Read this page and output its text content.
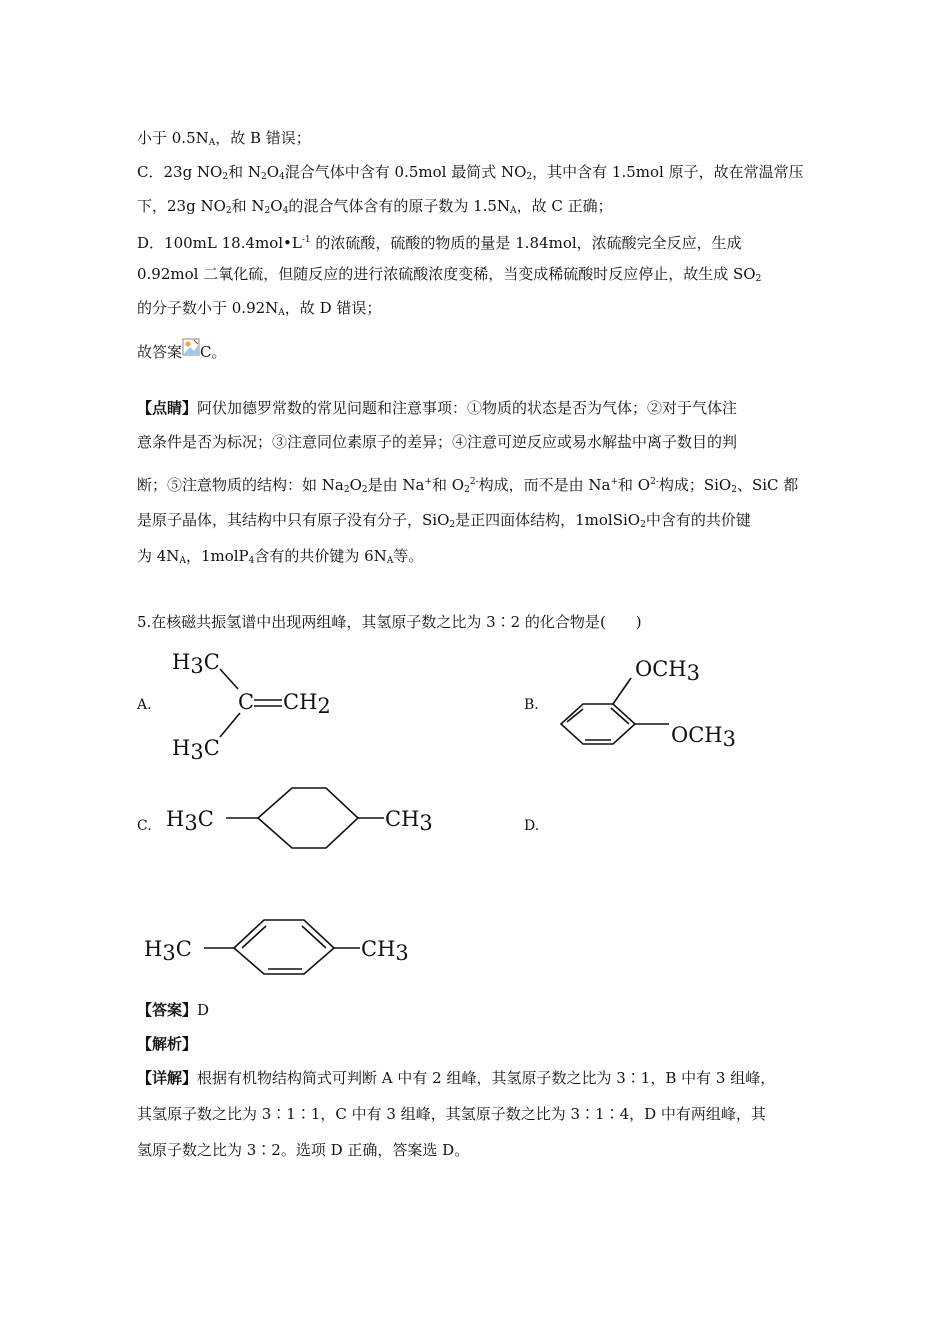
小于 $0.5N_A$，故 B 错误；
C．23g $NO_2$和 $N_2O_4$混合气体中含有 0.5mol 最简式 $NO_2$，其中含有 1.5mol 原子，故在常温常压
下，23g $NO_2$和 $N_2O_4$的混合气体含有的原子数为 $1.5N_A$，故 C 正确；
D．100mL $18.4mol•L^{-1}$ 的浓硫酸，硫酸的物质的量是 1.84mol，浓硫酸完全反应，生成
0.92mol 二氧化硫，但随反应的进行浓硫酸浓度变稀，当变成稀硫酸时反应停止，故生成 $SO_2$
的分子数小于 $0.92N_A$，故 D 错误；
故答案 C。
【点睛】阿伏加德罗常数的常见问题和注意事项：①物质的状态是否为气体；②对于气体注
意条件是否为标况；③注意同位素原子的差异；④注意可逆反应或易水解盐中离子数目的判
断；⑤注意物质的结构：如 $Na_2O_2$是由 Na+和 $O_2^{2-}$构成，而不是由 Na+和 $O^{2-}$构成；SiO$_2$、SiC 都
是原子晶体，其结构中只有原子没有分子，SiO$_2$是正四面体结构，1molSiO$_2$中含有的共价键
为 $4N_A$，1molP$_4$含有的共价键为 $6N_A$等。
5.在核磁共振氢谱中出现两组峰，其氢原子数之比为 3∶2 的化合物是(　　)
A.	B.
C.	D.
H3C
C CH2
H3C
OCH3
OCH3
H3C	CH3
H3C	CH3
【答案】D
【解析】
【详解】根据有机物结构简式可判断 A 中有 2 组峰，其氢原子数之比为 3∶1，B 中有 3 组峰，
其氢原子数之比为 3∶1∶1，C 中有 3 组峰，其氢原子数之比为 3∶1∶4，D 中有两组峰，其
氢原子数之比为 3∶2。选项 D 正确，答案选 D。
